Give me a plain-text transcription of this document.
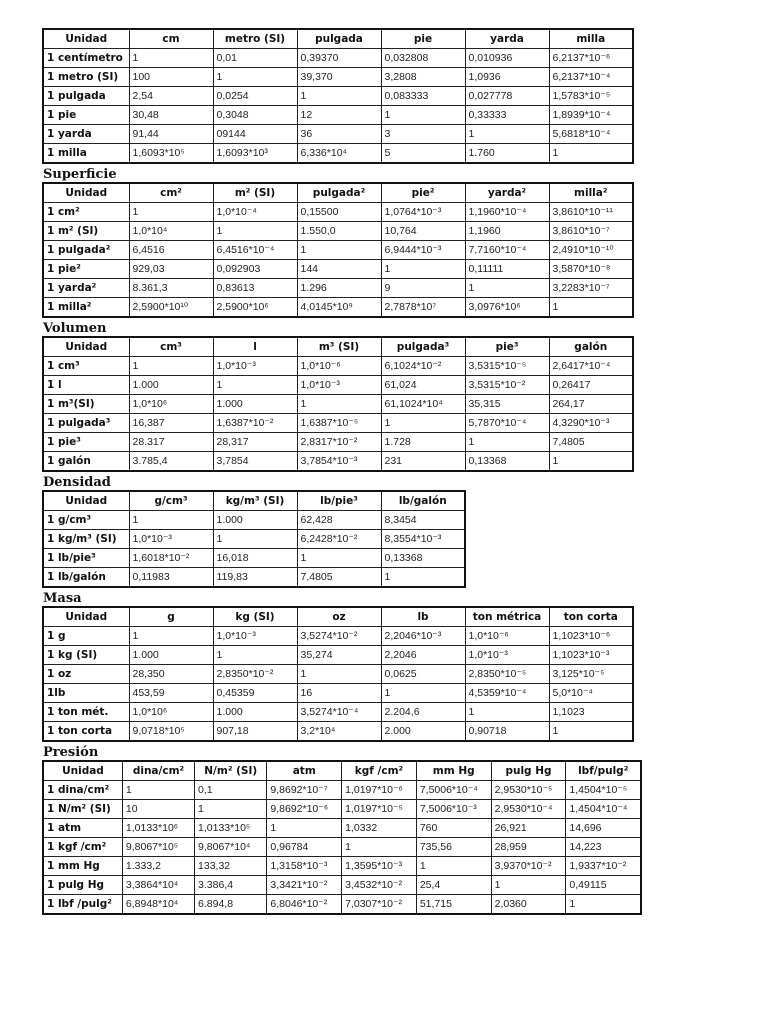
Unidad	cm	metro (SI)	pulgada	pie	yarda	milla
1 centímetro	1	0,01	0,39370	0,032808	0,010936	6,2137*10⁻⁶
1 metro (SI)	100	1	39,370	3,2808	1,0936	6,2137*10⁻⁴
1 pulgada	2,54	0,0254	1	0,083333	0,027778	1,5783*10⁻⁵
1 pie	30,48	0,3048	12	1	0,33333	1,8939*10⁻⁴
1 yarda	91,44	09144	36	3	1	5,6818*10⁻⁴
1 milla	1,6093*10⁵	1,6093*10³	6,336*10⁴	5	1.760	1
Superficie
Unidad	cm²	m² (SI)	pulgada²	pie²	yarda²	milla²
1 cm²	1	1,0*10⁻⁴	0,15500	1,0764*10⁻³	1,1960*10⁻⁴	3,8610*10⁻¹¹
1 m² (SI)	1,0*10⁴	1	1.550,0	10,764	1,1960	3,8610*10⁻⁷
1 pulgada²	6,4516	6,4516*10⁻⁴	1	6,9444*10⁻³	7,7160*10⁻⁴	2,4910*10⁻¹⁰
1 pie²	929,03	0,092903	144	1	0,11111	3,5870*10⁻⁸
1 yarda²	8.361,3	0,83613	1.296	9	1	3,2283*10⁻⁷
1 milla²	2,5900*10¹⁰	2,5900*10⁶	4,0145*10⁹	2,7878*10⁷	3,0976*10⁶	1
Volumen
Unidad	cm³	l	m³ (SI)	pulgada³	pie³	galón
1 cm³	1	1,0*10⁻³	1,0*10⁻⁶	6,1024*10⁻²	3,5315*10⁻⁵	2,6417*10⁻⁴
1 l	1.000	1	1,0*10⁻³	61,024	3,5315*10⁻²	0,26417
1 m³(SI)	1,0*10⁶	1.000	1	61,1024*10⁴	35,315	264,17
1 pulgada³	16,387	1,6387*10⁻²	1,6387*10⁻⁵	1	5,7870*10⁻⁴	4,3290*10⁻³
1 pie³	28.317	28,317	2,8317*10⁻²	1.728	1	7,4805
1 galón	3.785,4	3,7854	3,7854*10⁻³	231	0,13368	1
Densidad
Unidad	g/cm³	kg/m³ (SI)	lb/pie³	lb/galón
1 g/cm³	1	1.000	62,428	8,3454
1 kg/m³ (SI)	1,0*10⁻³	1	6,2428*10⁻²	8,3554*10⁻³
1 lb/pie³	1,6018*10⁻²	16,018	1	0,13368
1 lb/galón	0,11983	119,83	7,4805	1
Masa
Unidad	g	kg (SI)	oz	lb	ton métrica	ton corta
1 g	1	1,0*10⁻³	3,5274*10⁻²	2,2046*10⁻³	1,0*10⁻⁶	1,1023*10⁻⁶
1 kg (SI)	1.000	1	35,274	2,2046	1,0*10⁻³	1,1023*10⁻³
1 oz	28,350	2,8350*10⁻²	1	0,0625	2,8350*10⁻⁵	3,125*10⁻⁵
1lb	453,59	0,45359	16	1	4,5359*10⁻⁴	5,0*10⁻⁴
1 ton mét.	1,0*10⁶	1.000	3,5274*10⁻⁴	2.204,6	1	1,1023
1 ton corta	9,0718*10⁵	907,18	3,2*10⁴	2.000	0,90718	1
Presión
Unidad	dina/cm²	N/m² (SI)	atm	kgf /cm²	mm Hg	pulg Hg	lbf/pulg²
1 dina/cm²	1	0,1	9,8692*10⁻⁷	1,0197*10⁻⁶	7,5006*10⁻⁴	2,9530*10⁻⁵	1,4504*10⁻⁵
1 N/m² (SI)	10	1	9,8692*10⁻⁶	1,0197*10⁻⁵	7,5006*10⁻³	2,9530*10⁻⁴	1,4504*10⁻⁴
1 atm	1,0133*10⁶	1,0133*10⁵	1	1,0332	760	26,921	14,696
1 kgf /cm²	9,8067*10⁵	9,8067*10⁴	0,96784	1	735,56	28,959	14,223
1 mm Hg	1.333,2	133,32	1,3158*10⁻³	1,3595*10⁻³	1	3,9370*10⁻²	1,9337*10⁻²
1 pulg Hg	3,3864*10⁴	3.386,4	3,3421*10⁻²	3,4532*10⁻²	25,4	1	0,49115
1 lbf /pulg²	6,8948*10⁴	6.894,8	6,8046*10⁻²	7,0307*10⁻²	51,715	2,0360	1
